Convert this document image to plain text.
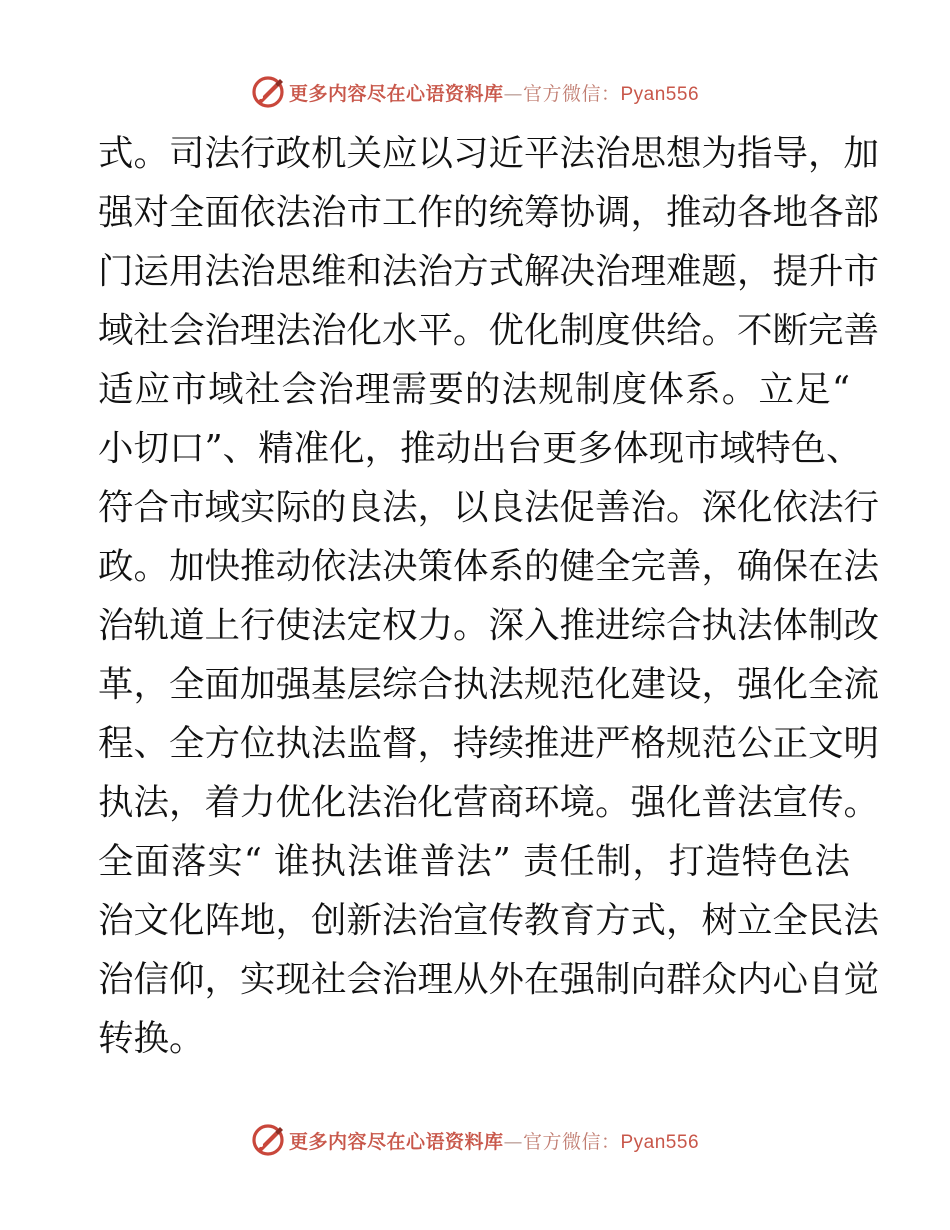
更多内容尽在心语资料库—官方微信：Pyan556
式。司法行政机关应以习近平法治思想为指导，加
强对全面依法治市工作的统筹协调，推动各地各部
门运用法治思维和法治方式解决治理难题，提升市
域社会治理法治化水平。优化制度供给。不断完善
适应市域社会治理需要的法规制度体系。立足“
小切口”、精准化，推动出台更多体现市域特色、
符合市域实际的良法，以良法促善治。深化依法行
政。加快推动依法决策体系的健全完善，确保在法
治轨道上行使法定权力。深入推进综合执法体制改
革，全面加强基层综合执法规范化建设，强化全流
程、全方位执法监督，持续推进严格规范公正文明
执法，着力优化法治化营商环境。强化普法宣传。
全面落实“ 谁执法谁普法” 责任制，打造特色法
治文化阵地，创新法治宣传教育方式，树立全民法
治信仰，实现社会治理从外在强制向群众内心自觉
转换。
更多内容尽在心语资料库—官方微信：Pyan556
